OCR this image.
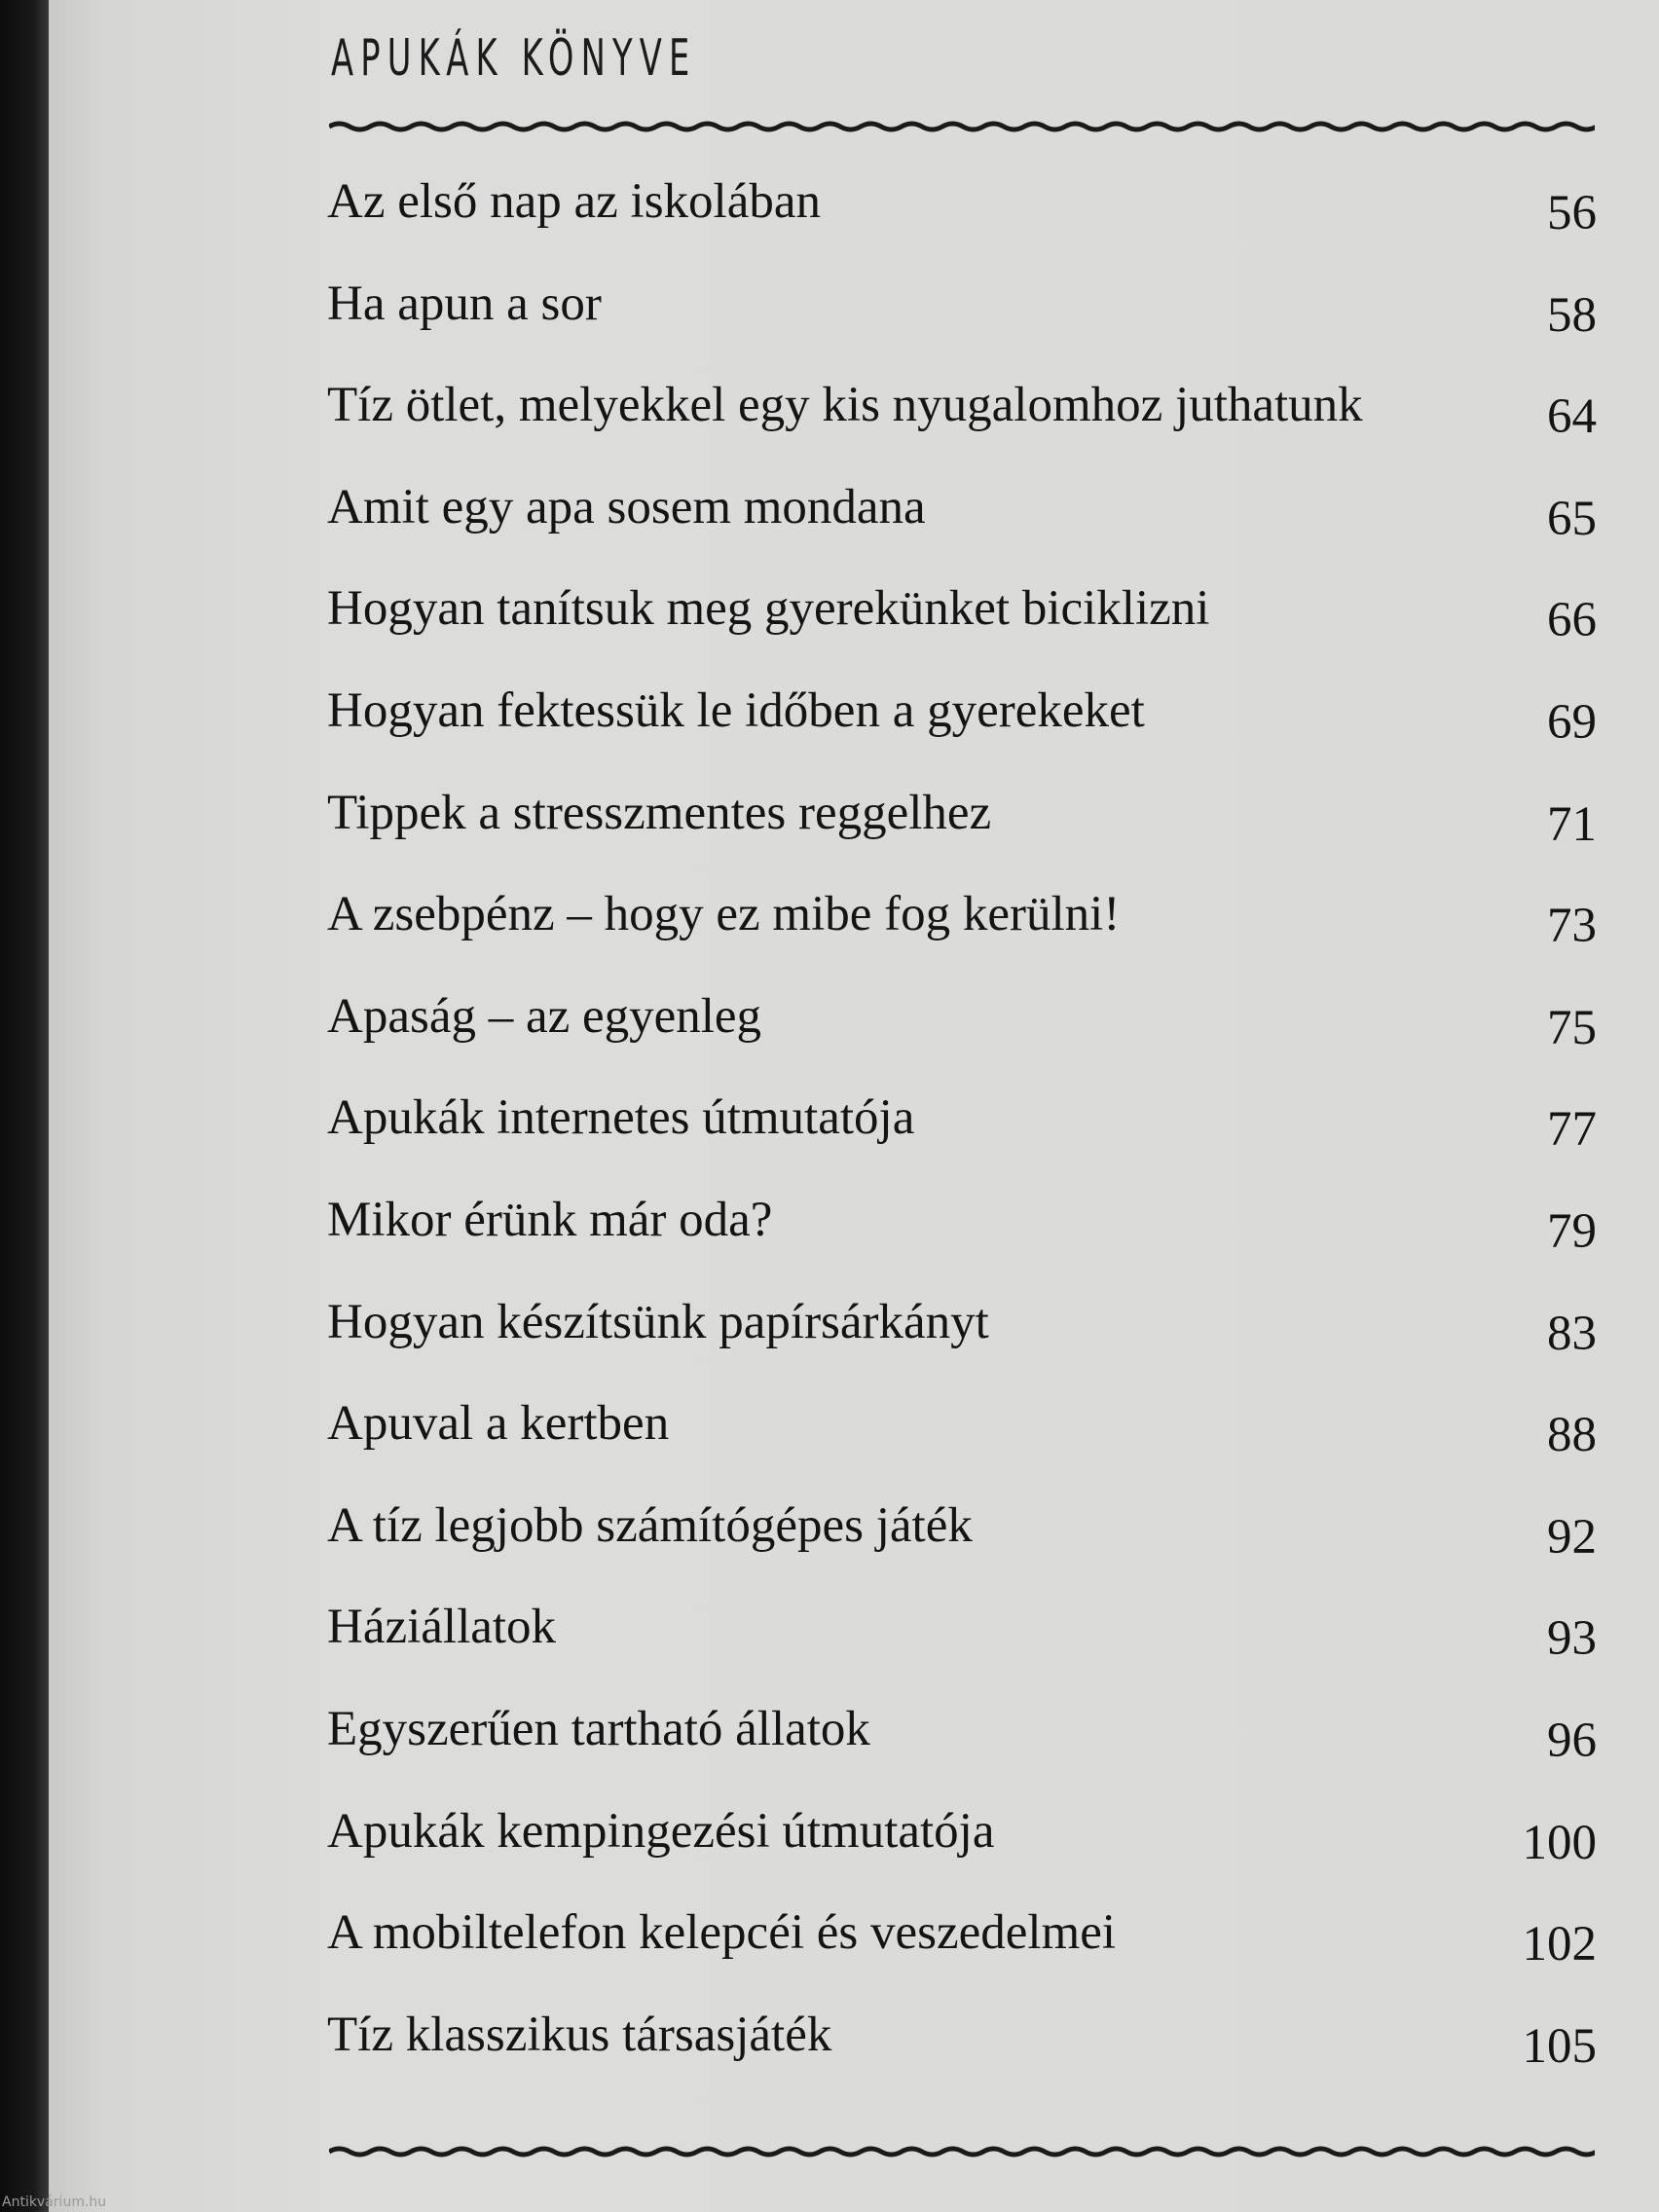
APUKÁK KÖNYVE
Az első nap az iskolában	56
Ha apun a sor	58
Tíz ötlet, melyekkel egy kis nyugalomhoz juthatunk	64
Amit egy apa sosem mondana	65
Hogyan tanítsuk meg gyerekünket biciklizni	66
Hogyan fektessük le időben a gyerekeket	69
Tippek a stresszmentes reggelhez	71
A zsebpénz – hogy ez mibe fog kerülni!	73
Apaság – az egyenleg	75
Apukák internetes útmutatója	77
Mikor érünk már oda?	79
Hogyan készítsünk papírsárkányt	83
Apuval a kertben	88
A tíz legjobb számítógépes játék	92
Háziállatok	93
Egyszerűen tartható állatok	96
Apukák kempingezési útmutatója	100
A mobiltelefon kelepcéi és veszedelmei	102
Tíz klasszikus társasjáték	105
Antikvárium.hu
